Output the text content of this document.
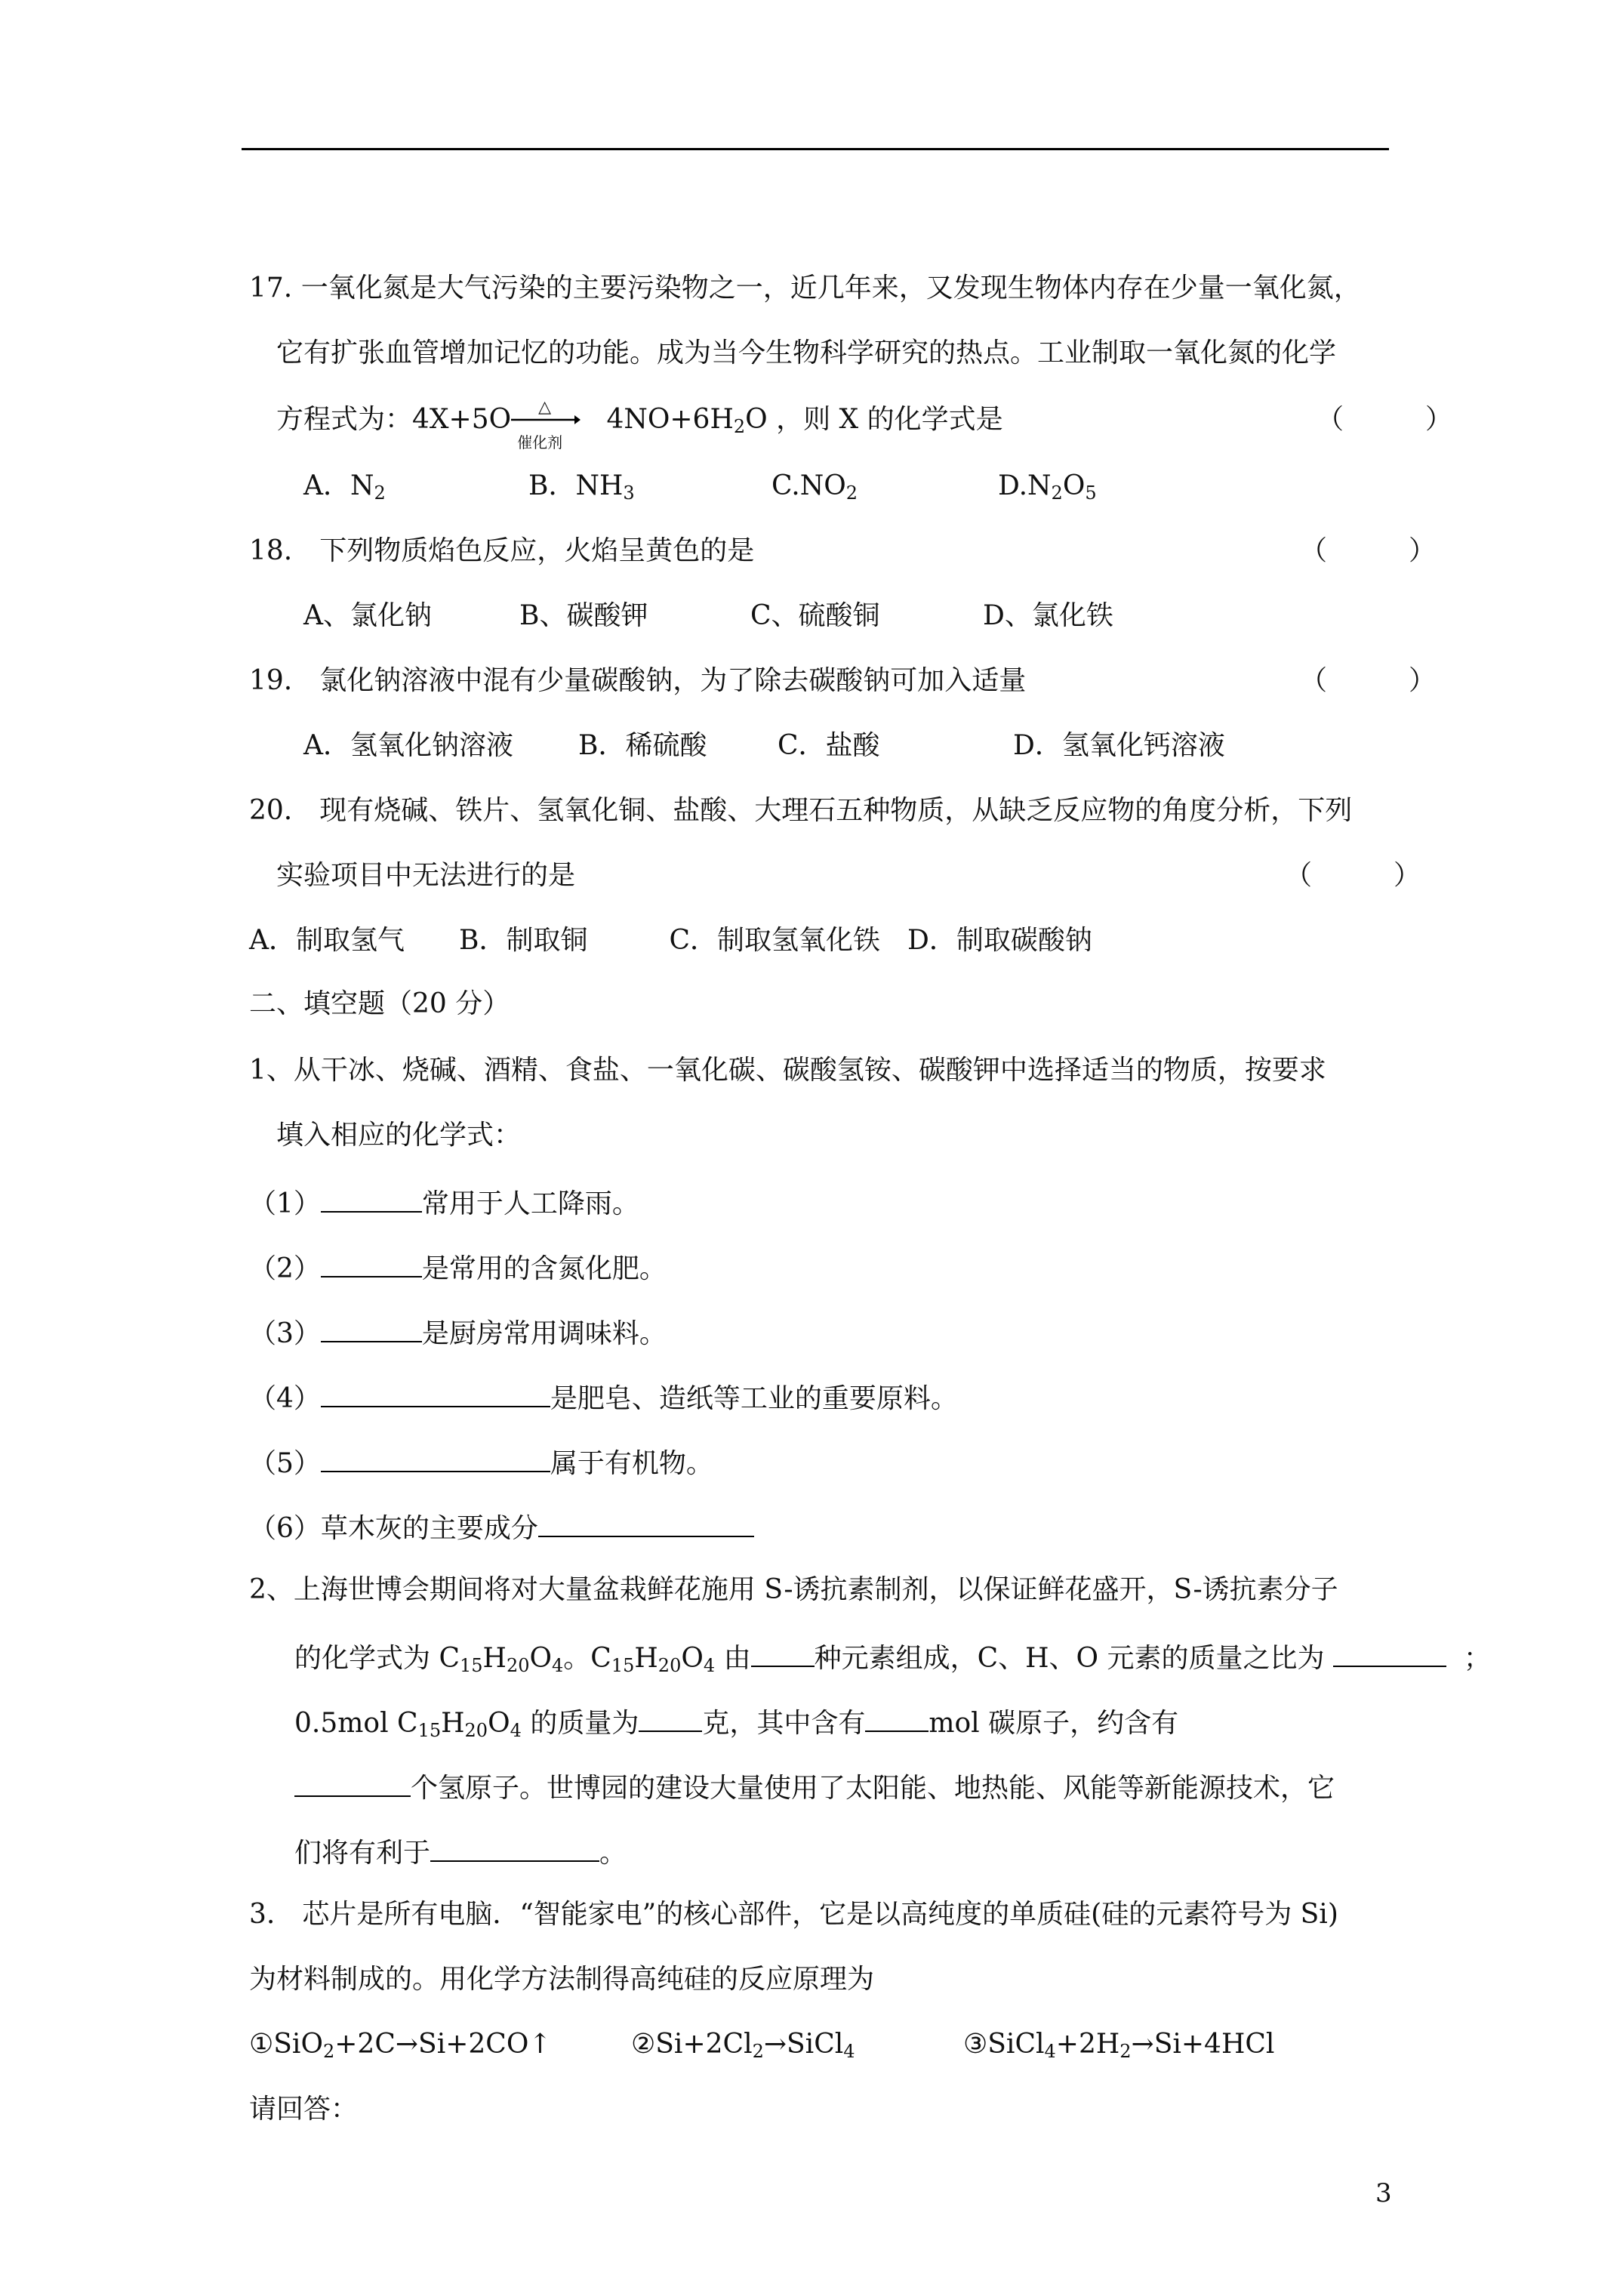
17. 一氧化氮是大气污染的主要污染物之一，近几年来，又发现生物体内存在少量一氧化氮，
它有扩张血管增加记忆的功能。成为当今生物科学研究的热点。工业制取一氧化氮的化学
方程式为：4X+5O △
催化剂
$4NO+6H_2O$ ，则 X 的化学式是	（　　　）
A．$N_2$	B．$NH_3$	$C.NO_2$	$D.N_2O_5$
18.　下列物质焰色反应，火焰呈黄色的是	（　　　）
A、氯化钠	B、碳酸钾	C、硫酸铜	D、氯化铁
19.　氯化钠溶液中混有少量碳酸钠，为了除去碳酸钠可加入适量	（　　　）
A．氢氧化钠溶液 B．稀硫酸	C．盐酸	D．氢氧化钙溶液
20.　现有烧碱、铁片、氢氧化铜、盐酸、大理石五种物质，从缺乏反应物的角度分析，下列
实验项目中无法进行的是	（　　　）
A．制取氢气　　B．制取铜　　　C．制取氢氧化铁　D．制取碳酸钠
二、填空题（20 分）
1、从干冰、烧碱、酒精、食盐、一氧化碳、碳酸氢铵、碳酸钾中选择适当的物质，按要求
填入相应的化学式：
（1）	常用于人工降雨。
（2）	是常用的含氮化肥。
（3）	是厨房常用调味料。
（4）	是肥皂、造纸等工业的重要原料。
（5）	属于有机物。
（6）草木灰的主要成分
2、上海世博会期间将对大量盆栽鲜花施用 S-诱抗素制剂，以保证鲜花盛开，S-诱抗素分子
的化学式为 $C_{15}H_{20}O_4$。$C_{15}H_{20}O_4$ 由 种元素组成，C、H、O 元素的质量之比为	；
0.5mol $C_{15}H_{20}O_4$ 的质量为 克，其中含有 mol 碳原子，约含有
个氢原子。世博园的建设大量使用了太阳能、地热能、风能等新能源技术，它
们将有利于	。
3.　芯片是所有电脑．“智能家电”的核心部件，它是以高纯度的单质硅(硅的元素符号为 Si)
为材料制成的。用化学方法制得高纯硅的反应原理为
①SiO$_2$+2C→Si+2CO↑	$②Si+2Cl_2\to SiCl_4$	$③SiCl_4+2H_2\to Si+4HCl$
请回答：
3
